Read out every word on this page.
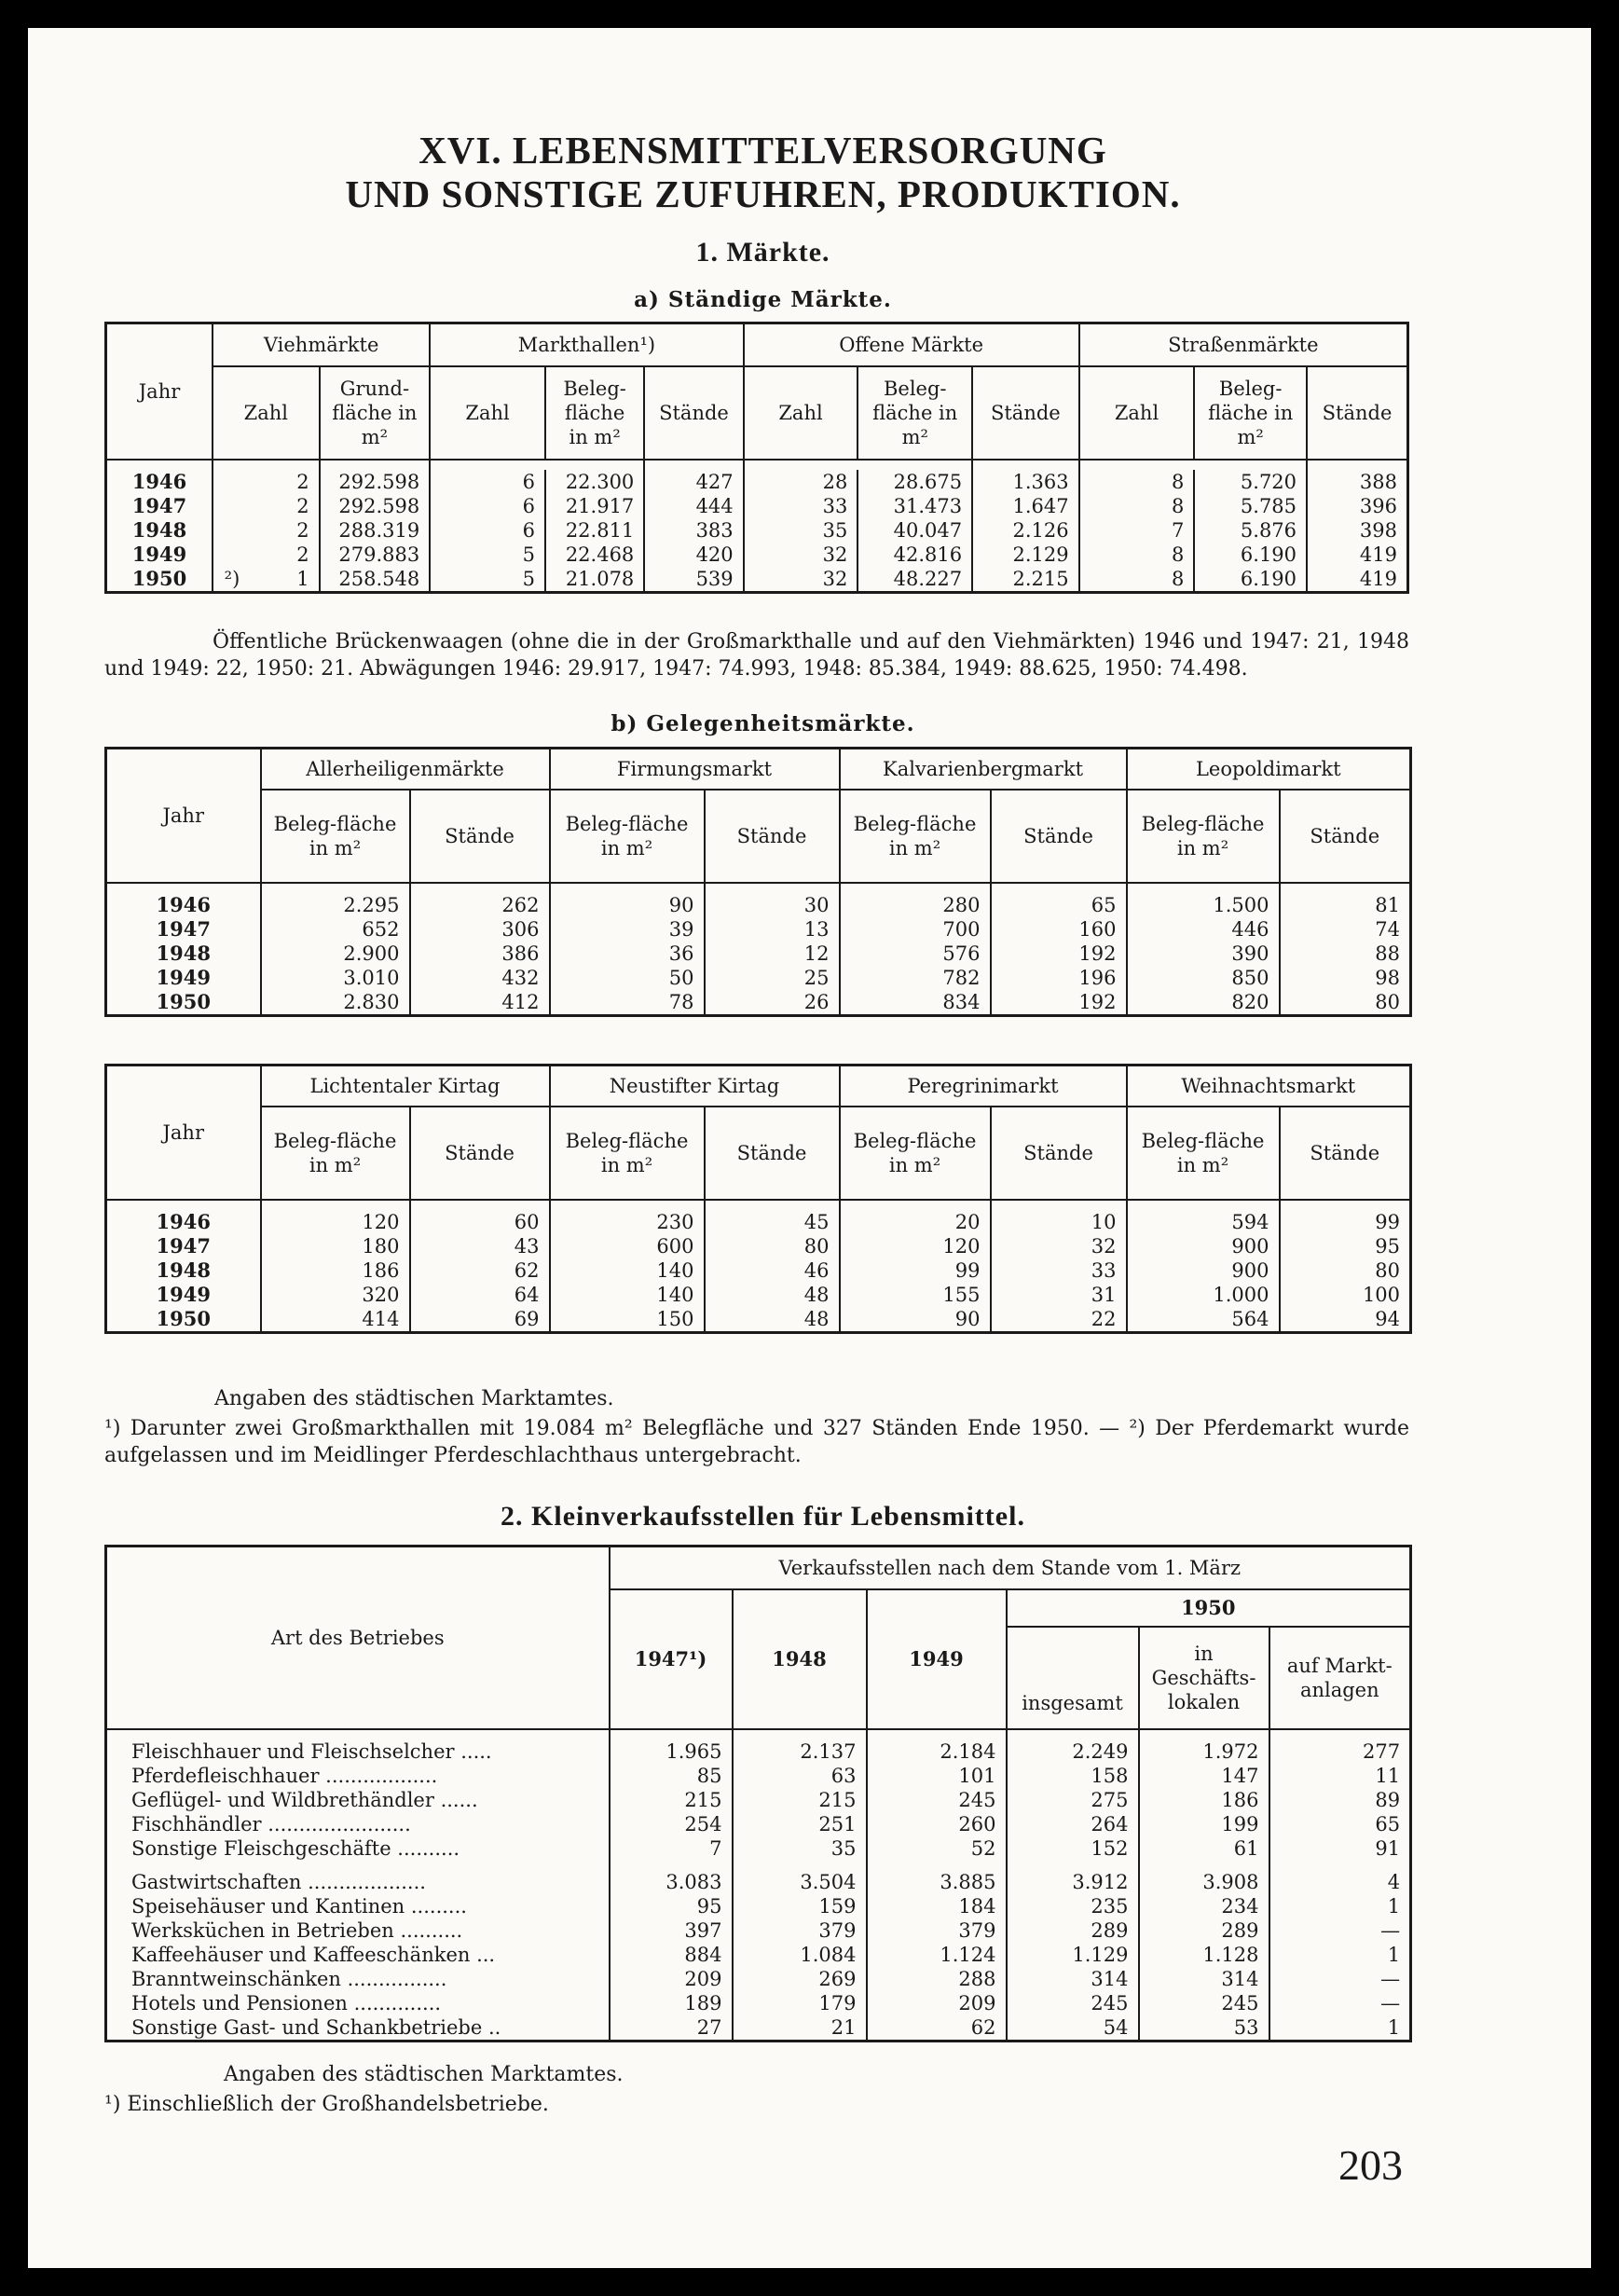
XVI. LEBENSMITTELVERSORGUNG
UND SONSTIGE ZUFUHREN, PRODUKTION.
1. Märkte.
a) Ständige Märkte.
Jahr	Viehmärkte			Markthallen¹)			Offene Märkte			Straßenmärkte		
	Zahl		Grund-fläche in m²	Zahl	Beleg-fläche in m²	Stände	Zahl	Beleg-fläche in m²	Stände	Zahl	Beleg-fläche in m²	Stände

1946		2	292.598	6	22.300	427	28	28.675	1.363	8	5.720	388
1947		2	292.598	6	21.917	444	33	31.473	1.647	8	5.785	396
1948		2	288.319	6	22.811	383	35	40.047	2.126	7	5.876	398
1949		2	279.883	5	22.468	420	32	42.816	2.129	8	6.190	419
1950	²)	1	258.548	5	21.078	539	32	48.227	2.215	8	6.190	419
Öffentliche Brückenwaagen (ohne die in der Großmarkthalle und auf den Viehmärkten) 1946 und 1947: 21, 1948 und 1949: 22, 1950: 21. Abwägungen 1946: 29.917, 1947: 74.993, 1948: 85.384, 1949: 88.625, 1950: 74.498.
b) Gelegenheitsmärkte.
Jahr	Allerheiligenmärkte		Firmungsmarkt		Kalvarienbergmarkt		Leopoldimarkt	
	Beleg-fläche in m²	Stände	Beleg-fläche in m²	Stände	Beleg-fläche in m²	Stände	Beleg-fläche in m²	Stände

1946	2.295	262	90	30	280	65	1.500	81
1947	652	306	39	13	700	160	446	74
1948	2.900	386	36	12	576	192	390	88
1949	3.010	432	50	25	782	196	850	98
1950	2.830	412	78	26	834	192	820	80
Jahr	Lichtentaler Kirtag		Neustifter Kirtag		Peregrinimarkt		Weihnachtsmarkt	
	Beleg-fläche in m²	Stände	Beleg-fläche in m²	Stände	Beleg-fläche in m²	Stände	Beleg-fläche in m²	Stände

1946	120	60	230	45	20	10	594	99
1947	180	43	600	80	120	32	900	95
1948	186	62	140	46	99	33	900	80
1949	320	64	140	48	155	31	1.000	100
1950	414	69	150	48	90	22	564	94
Angaben des städtischen Marktamtes.
¹) Darunter zwei Großmarkthallen mit 19.084 m² Belegfläche und 327 Ständen Ende 1950. — ²) Der Pferdemarkt wurde aufgelassen und im Meidlinger Pferdeschlachthaus untergebracht.
2. Kleinverkaufsstellen für Lebensmittel.
Art des Betriebes	Verkaufsstellen nach dem Stande vom 1. März					
	1947¹)	1948	1949	1950		
				insgesamt	in Geschäfts-lokalen	auf Markt-anlagen

Fleischhauer und Fleischselcher .....	1.965	2.137	2.184	2.249	1.972	277
Pferdefleischhauer ..................	85	63	101	158	147	11
Geflügel- und Wildbrethändler ......	215	215	245	275	186	89
Fischhändler .......................	254	251	260	264	199	65
Sonstige Fleischgeschäfte ..........	7	35	52	152	61	91

Gastwirtschaften ...................	3.083	3.504	3.885	3.912	3.908	4
Speisehäuser und Kantinen .........	95	159	184	235	234	1
Werksküchen in Betrieben ..........	397	379	379	289	289	—
Kaffeehäuser und Kaffeeschänken ...	884	1.084	1.124	1.129	1.128	1
Branntweinschänken ................	209	269	288	314	314	—
Hotels und Pensionen ..............	189	179	209	245	245	—
Sonstige Gast- und Schankbetriebe ..	27	21	62	54	53	1
Angaben des städtischen Marktamtes.
¹) Einschließlich der Großhandelsbetriebe.
203
